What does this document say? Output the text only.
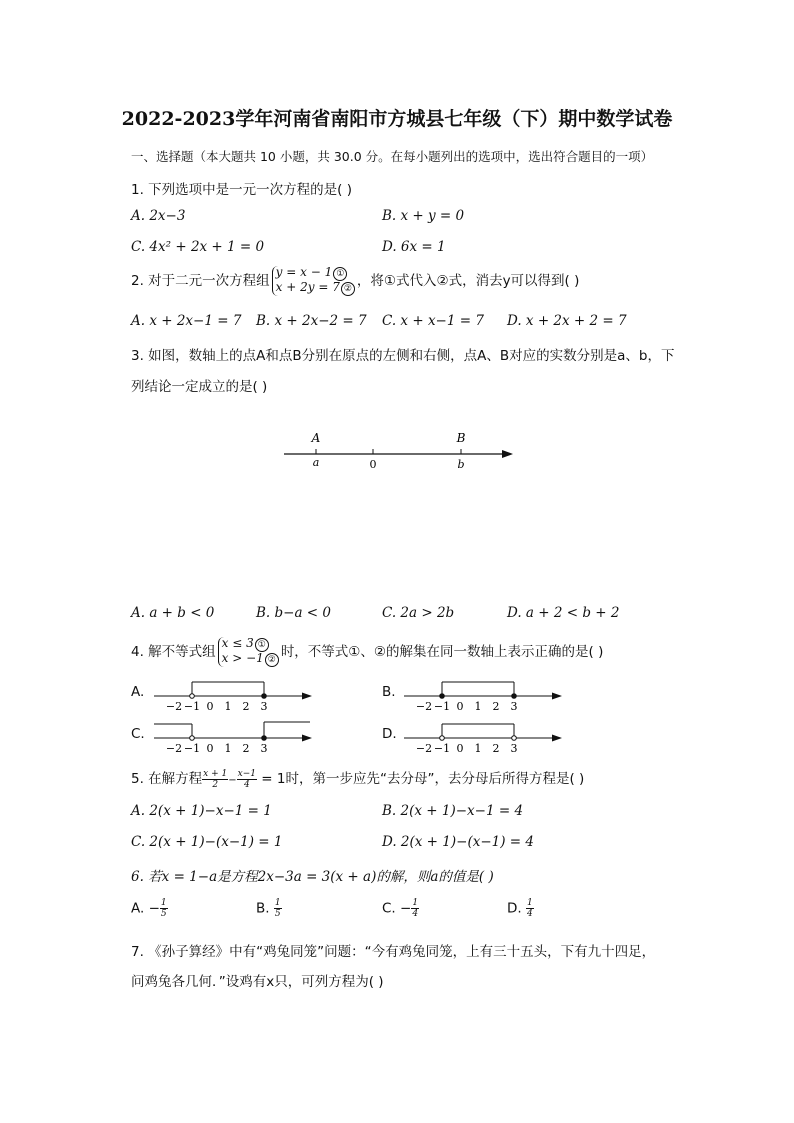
2022-2023学年河南省南阳市方城县七年级（下）期中数学试卷
一、选择题（本大题共 10 小题，共 30.0 分。在每小题列出的选项中，选出符合题目的一项）
1. 下列选项中是一元一次方程的是( )
A. 2x−3	B. x + y = 0
C. 4x² + 2x + 1 = 0	D. 6x = 1
2. 对于二元一次方程组y = x − 1 ①
x + 2y = 7 ② ，将①式代入②式，消去y可以得到( )
A. x + 2x−1 = 7 B. x + 2x−2 = 7 C. x + x−1 = 7 D. x + 2x + 2 = 7
3. 如图，数轴上的点A和点B分别在原点的左侧和右侧，点A、B对应的实数分别是a、b，下
列结论一定成立的是( )
A	B
a	0	b
A. a + b < 0	B. b−a < 0	C. 2a > 2b	D. a + 2 < b + 2
4. 解不等式组x ≤ 3 ①
x > −1 ② 时，不等式①、②的解集在同一数轴上表示正确的是( )
A.	B.
C.	D.
−2 −1 0 1 2 3	−2 −1 0 1 2 3
−2 −1 0 1 2 3	−2 −1 0 1 2 3
5. 在解方程 $\frac{x + 1}{2} - \frac{x-1}{4} = 1$时，第一步应先“去分母”，去分母后所得方程是( )
A. 2(x + 1)−x−1 = 1	B. 2(x + 1)−x−1 = 4
C. 2(x + 1)−(x−1) = 1	D. 2(x + 1)−(x−1) = 4
6. 若x = 1−a是方程2x−3a = 3(x + a)的解，则a的值是( )
A. − $\frac{1}{5}$	B. $\frac{1}{5}$	C. − $\frac{1}{4}$	D. $\frac{1}{4}$
7. 《孙子算经》中有“鸡兔同笼”问题：“今有鸡兔同笼，上有三十五头，下有九十四足，
问鸡兔各几何．”设鸡有x只，可列方程为( )
